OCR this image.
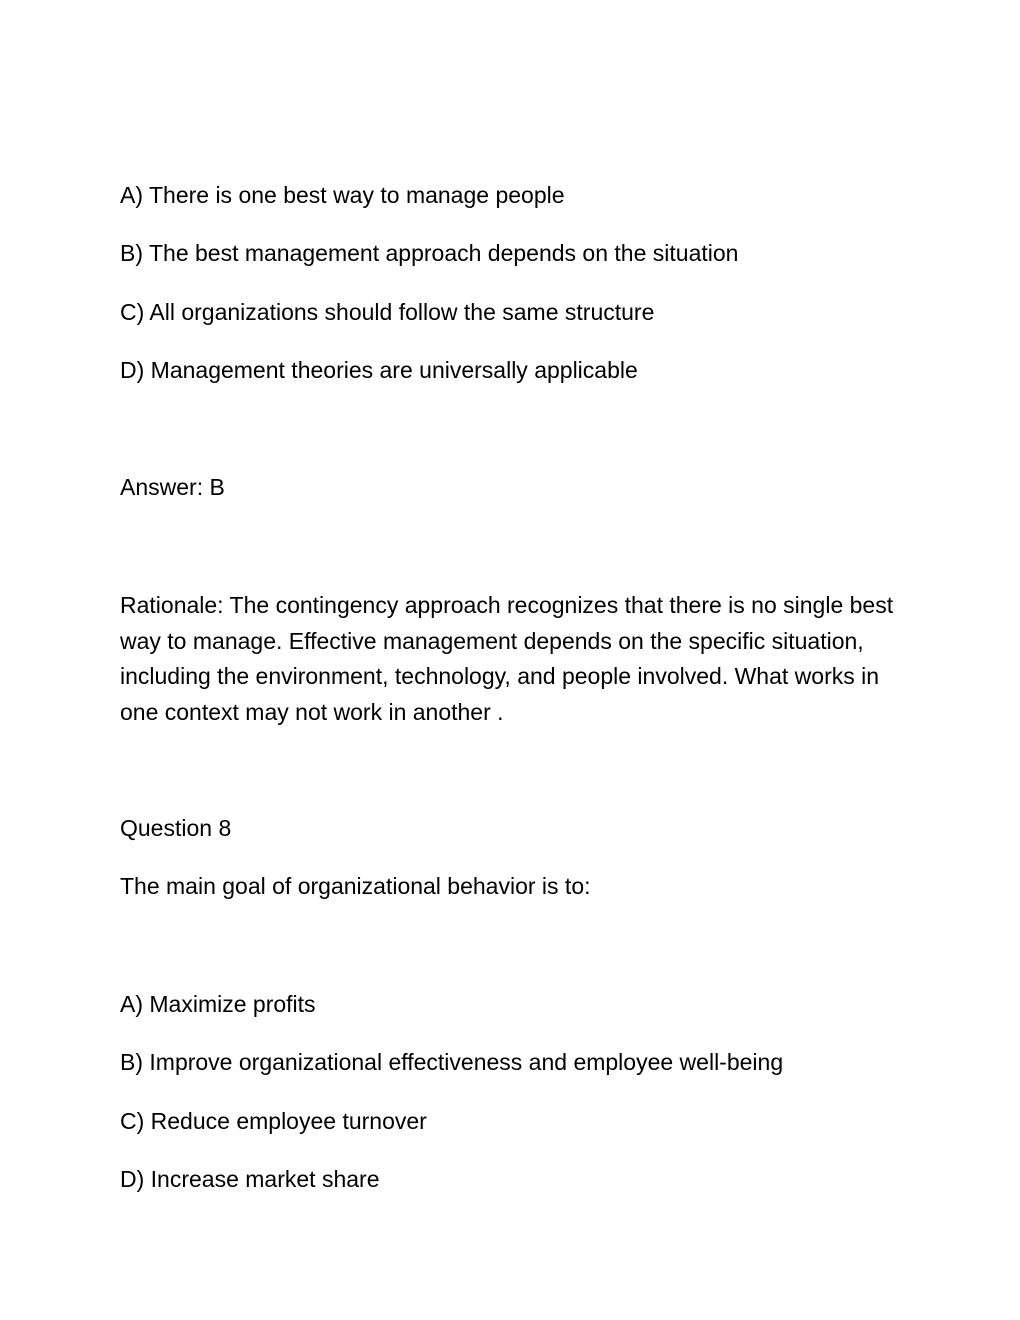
A) There is one best way to manage people

B) The best management approach depends on the situation

C) All organizations should follow the same structure

D) Management theories are universally applicable

Answer: B

Rationale: The contingency approach recognizes that there is no single best way to manage. Effective management depends on the specific situation, including the environment, technology, and people involved. What works in one context may not work in another .

Question 8

The main goal of organizational behavior is to:

A) Maximize profits

B) Improve organizational effectiveness and employee well-being

C) Reduce employee turnover

D) Increase market share
